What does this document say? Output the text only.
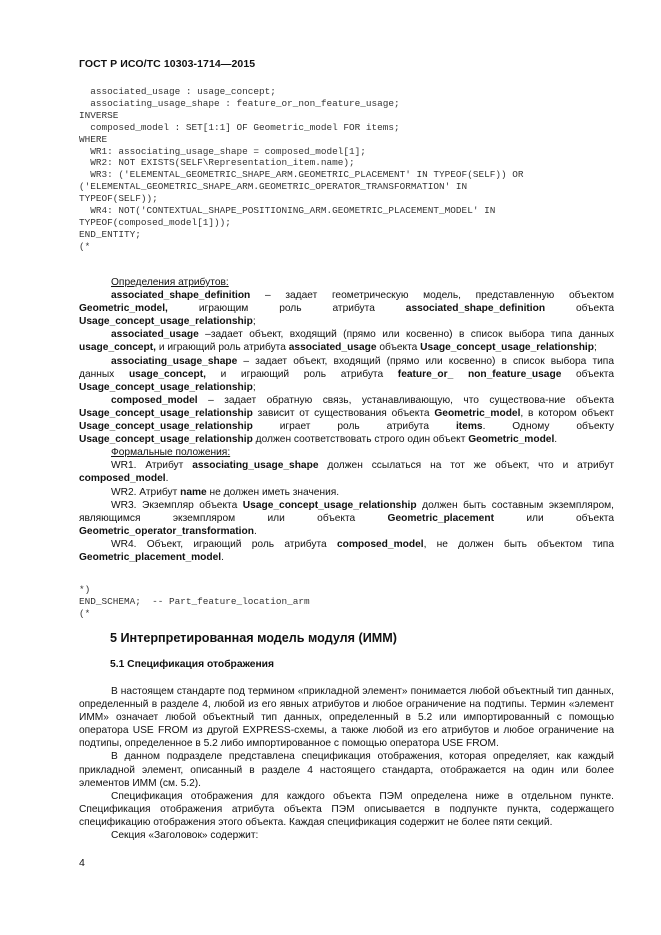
ГОСТ Р ИСО/ТС 10303-1714—2015
associated_usage : usage_concept;
associating_usage_shape : feature_or_non_feature_usage;
INVERSE
composed_model : SET[1:1] OF Geometric_model FOR items;
WHERE
WR1: associating_usage_shape = composed_model[1];
WR2: NOT EXISTS(SELF\Representation_item.name);
WR3: ('ELEMENTAL_GEOMETRIC_SHAPE_ARM.GEOMETRIC_PLACEMENT' IN TYPEOF(SELF)) OR
('ELEMENTAL_GEOMETRIC_SHAPE_ARM.GEOMETRIC_OPERATOR_TRANSFORMATION' IN
TYPEOF(SELF));
WR4: NOT('CONTEXTUAL_SHAPE_POSITIONING_ARM.GEOMETRIC_PLACEMENT_MODEL' IN
TYPEOF(composed_model[1]));
END_ENTITY;
(*

Определения атрибутов:

associated_shape_definition – задает геометрическую модель, представленную объектом Geometric_model, играющим роль атрибута associated_shape_definition объекта Usage_concept_usage_relationship;

associated_usage –задает объект, входящий (прямо или косвенно) в список выбора типа данных usage_concept, и играющий роль атрибута associated_usage объекта Usage_concept_usage_relationship;

associating_usage_shape – задает объект, входящий (прямо или косвенно) в список выбора типа данных usage_concept, и играющий роль атрибута feature_or_ non_feature_usage объекта Usage_concept_usage_relationship;

composed_model – задает обратную связь, устанавливающую, что существова-ние объекта Usage_concept_usage_relationship зависит от существования объекта Geometric_model, в котором объект Usage_concept_usage_relationship играет роль атрибута items. Одному объекту Usage_concept_usage_relationship должен соответствовать строго один объект Geometric_model.

Формальные положения:

WR1. Атрибут associating_usage_shape должен ссылаться на тот же объект, что и атрибут composed_model.

WR2. Атрибут name не должен иметь значения.

WR3. Экземпляр объекта Usage_concept_usage_relationship должен быть составным экземпляром, являющимся экземпляром или объекта Geometric_placement или объекта Geometric_operator_transformation.

WR4. Объект, играющий роль атрибута composed_model, не должен быть объектом типа Geometric_placement_model.

*)
END_SCHEMA;  -- Part_feature_location_arm
(*
5 Интерпретированная модель модуля (ИММ)
5.1 Спецификация отображения

В настоящем стандарте под термином «прикладной элемент» понимается любой объектный тип данных, определенный в разделе 4, любой из его явных атрибутов и любое ограничение на подтипы. Термин «элемент ИММ» означает любой объектный тип данных, определенный в 5.2 или импортированный с помощью оператора USE FROM из другой EXPRESS-схемы, а также любой из его атрибутов и любое ограничение на подтипы, определенное в 5.2 либо импортированное с помощью оператора USE FROM.

В данном подразделе представлена спецификация отображения, которая определяет, как каждый прикладной элемент, описанный в разделе 4 настоящего стандарта, отображается на один или более элементов ИММ (см. 5.2).

Спецификация отображения для каждого объекта ПЭМ определена ниже в отдельном пункте. Спецификация отображения атрибута объекта ПЭМ описывается в подпункте пункта, содержащего спецификацию отображения этого объекта. Каждая спецификация содержит не более пяти секций.

Секция «Заголовок» содержит:

4
